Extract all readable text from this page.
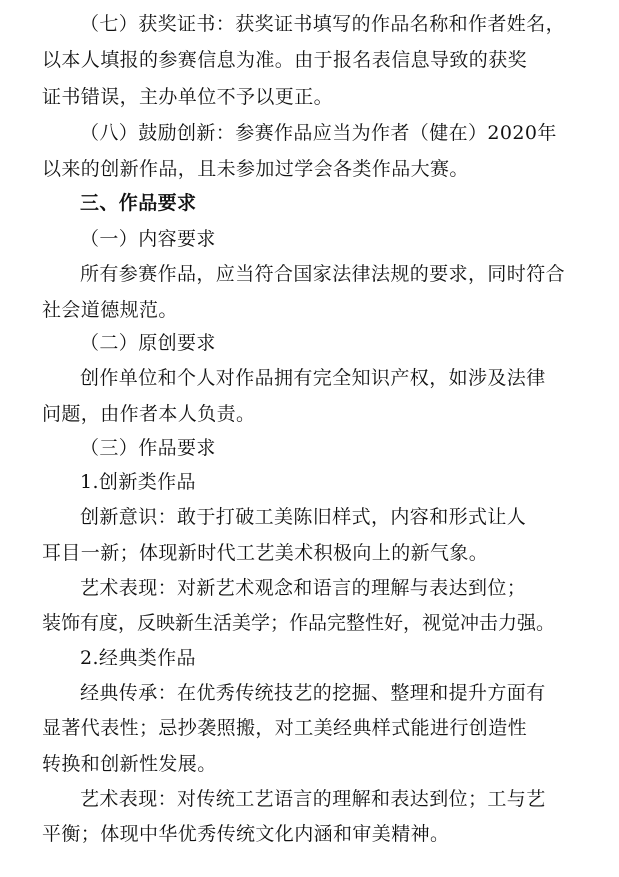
（七）获奖证书：获奖证书填写的作品名称和作者姓名，
以本人填报的参赛信息为准。由于报名表信息导致的获奖
证书错误，主办单位不予以更正。
（八）鼓励创新：参赛作品应当为作者（健在）2020年
以来的创新作品，且未参加过学会各类作品大赛。
三、作品要求
（一）内容要求
所有参赛作品，应当符合国家法律法规的要求，同时符合
社会道德规范。
（二）原创要求
创作单位和个人对作品拥有完全知识产权，如涉及法律
问题，由作者本人负责。
（三）作品要求
1.创新类作品
创新意识：敢于打破工美陈旧样式，内容和形式让人
耳目一新；体现新时代工艺美术积极向上的新气象。
艺术表现：对新艺术观念和语言的理解与表达到位；
装饰有度，反映新生活美学；作品完整性好，视觉冲击力强。
2.经典类作品
经典传承：在优秀传统技艺的挖掘、整理和提升方面有
显著代表性；忌抄袭照搬，对工美经典样式能进行创造性
转换和创新性发展。
艺术表现：对传统工艺语言的理解和表达到位；工与艺
平衡；体现中华优秀传统文化内涵和审美精神。
